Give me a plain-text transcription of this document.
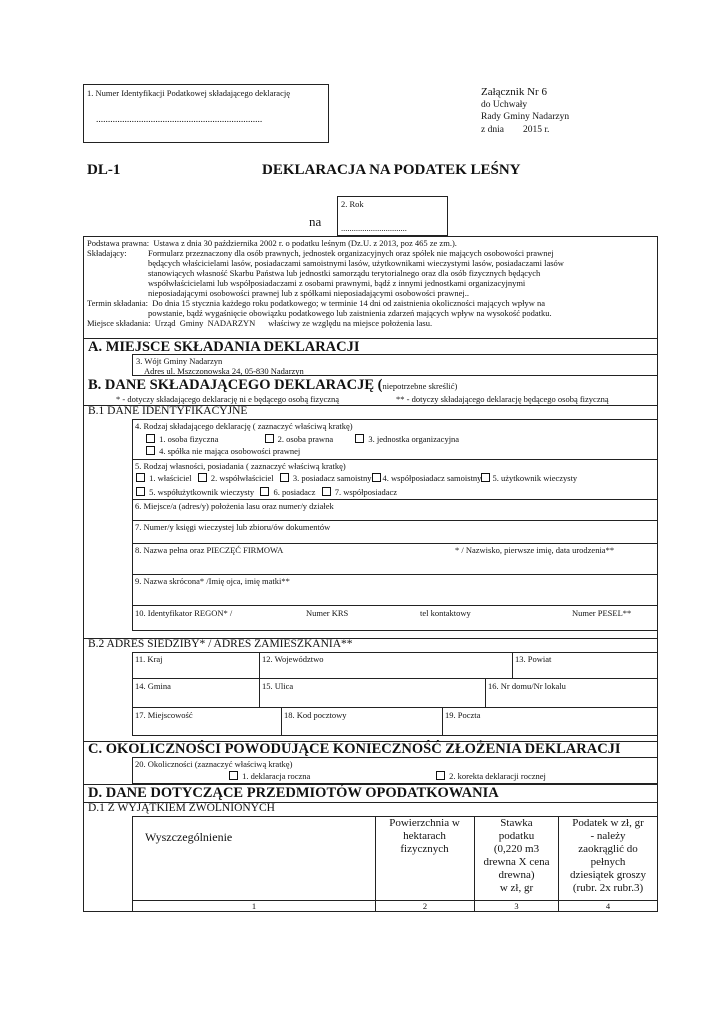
1. Numer Identyfikacji Podatkowej składającego deklarację
......................................................................
Załącznik Nr 6
do Uchwały
Rady Gminy Nadarzyn
z dnia        2015 r.
DL-1	DEKLARACJA NA PODATEK LEŚNY
na
2. Rok
...............................
Podstawa prawna: Ustawa z dnia 30 października 2002 r. o podatku leśnym (Dz.U. z 2013, poz 465 ze zm.).
Składający:	Formularz przeznaczony dla osób prawnych, jednostek organizacyjnych oraz spółek nie mających osobowości prawnej
będących właścicielami lasów, posiadaczami samoistnymi lasów, użytkownikami wieczystymi lasów, posiadaczami lasów
stanowiących własność Skarbu Państwa lub jednostki samorządu terytorialnego oraz dla osób fizycznych będących
współwłaścicielami lub współposiadaczami z osobami prawnymi, bądź z innymi jednostkami organizacyjnymi
nieposiadającymi osobowości prawnej lub z spółkami nieposiadającymi osobowości prawnej..
Termin składania: Do dnia 15 stycznia każdego roku podatkowego; w terminie 14 dni od zaistnienia okoliczności mających wpływ na
powstanie, bądź wygaśnięcie obowiązku podatkowego lub zaistnienia zdarzeń mających wpływ na wysokość podatku.
Miejsce składania: Urząd  Gminy  NADARZYN      właściwy ze względu na miejsce położenia lasu.
A. MIEJSCE SKŁADANIA DEKLARACJI
3. Wójt Gminy Nadarzyn
Adres ul. Mszczonowska 24, 05-830 Nadarzyn
B. DANE SKŁADAJĄCEGO DEKLARACJĘ (niepotrzebne skreślić)
* - dotyczy składającego deklarację ni e będącego osobą fizyczną	** - dotyczy składającego deklarację będącego osobą fizyczną
B.1 DANE IDENTYFIKACYJNE
4. Rodzaj składającego deklarację ( zaznaczyć właściwą kratkę)
1. osoba fizyczna	2. osoba prawna	3. jednostka organizacyjna
4. spółka nie mająca osobowości prawnej
5. Rodzaj własności, posiadania ( zaznaczyć właściwą kratkę)
1. właściciel 2. współwłaściciel 3. posiadacz samoistny 4. współposiadacz samoistny 5. użytkownik wieczysty
5. współużytkownik wieczysty 6. posiadacz 7. współposiadacz
6. Miejsce/a (adres/y) położenia lasu oraz numer/y działek
7. Numer/y księgi wieczystej lub zbioru/ów dokumentów
8. Nazwa pełna oraz PIECZĘĆ FIRMOWA	* / Nazwisko, pierwsze imię, data urodzenia**
9. Nazwa skrócona* /Imię ojca, imię matki**
10. Identyfikator REGON* /	Numer KRS	tel kontaktowy	Numer PESEL**
B.2 ADRES SIEDZIBY* / ADRES ZAMIESZKANIA**
11. Kraj	12. Województwo	13. Powiat
14. Gmina	15. Ulica	16. Nr domu/Nr lokalu
17. Miejscowość	18. Kod pocztowy	19. Poczta
C. OKOLICZNOŚCI POWODUJĄCE KONIECZNOŚĆ ZŁOŻENIA DEKLARACJI
20. Okoliczności (zaznaczyć właściwą kratkę)
1. deklaracja roczna	2. korekta deklaracji rocznej
D. DANE DOTYCZĄCE PRZEDMIOTÓW OPODATKOWANIA
D.1 Z WYJĄTKIEM ZWOLNIONYCH
Wyszczególnienie
Powierzchnia w
hektarach
fizycznych
Stawka
podatku
(0,220 m3
drewna X cena
drewna)
w zł, gr
Podatek w zł, gr
- należy
zaokrąglić do
pełnych
dziesiątek groszy
(rubr. 2x rubr.3)
1	2	3	4
